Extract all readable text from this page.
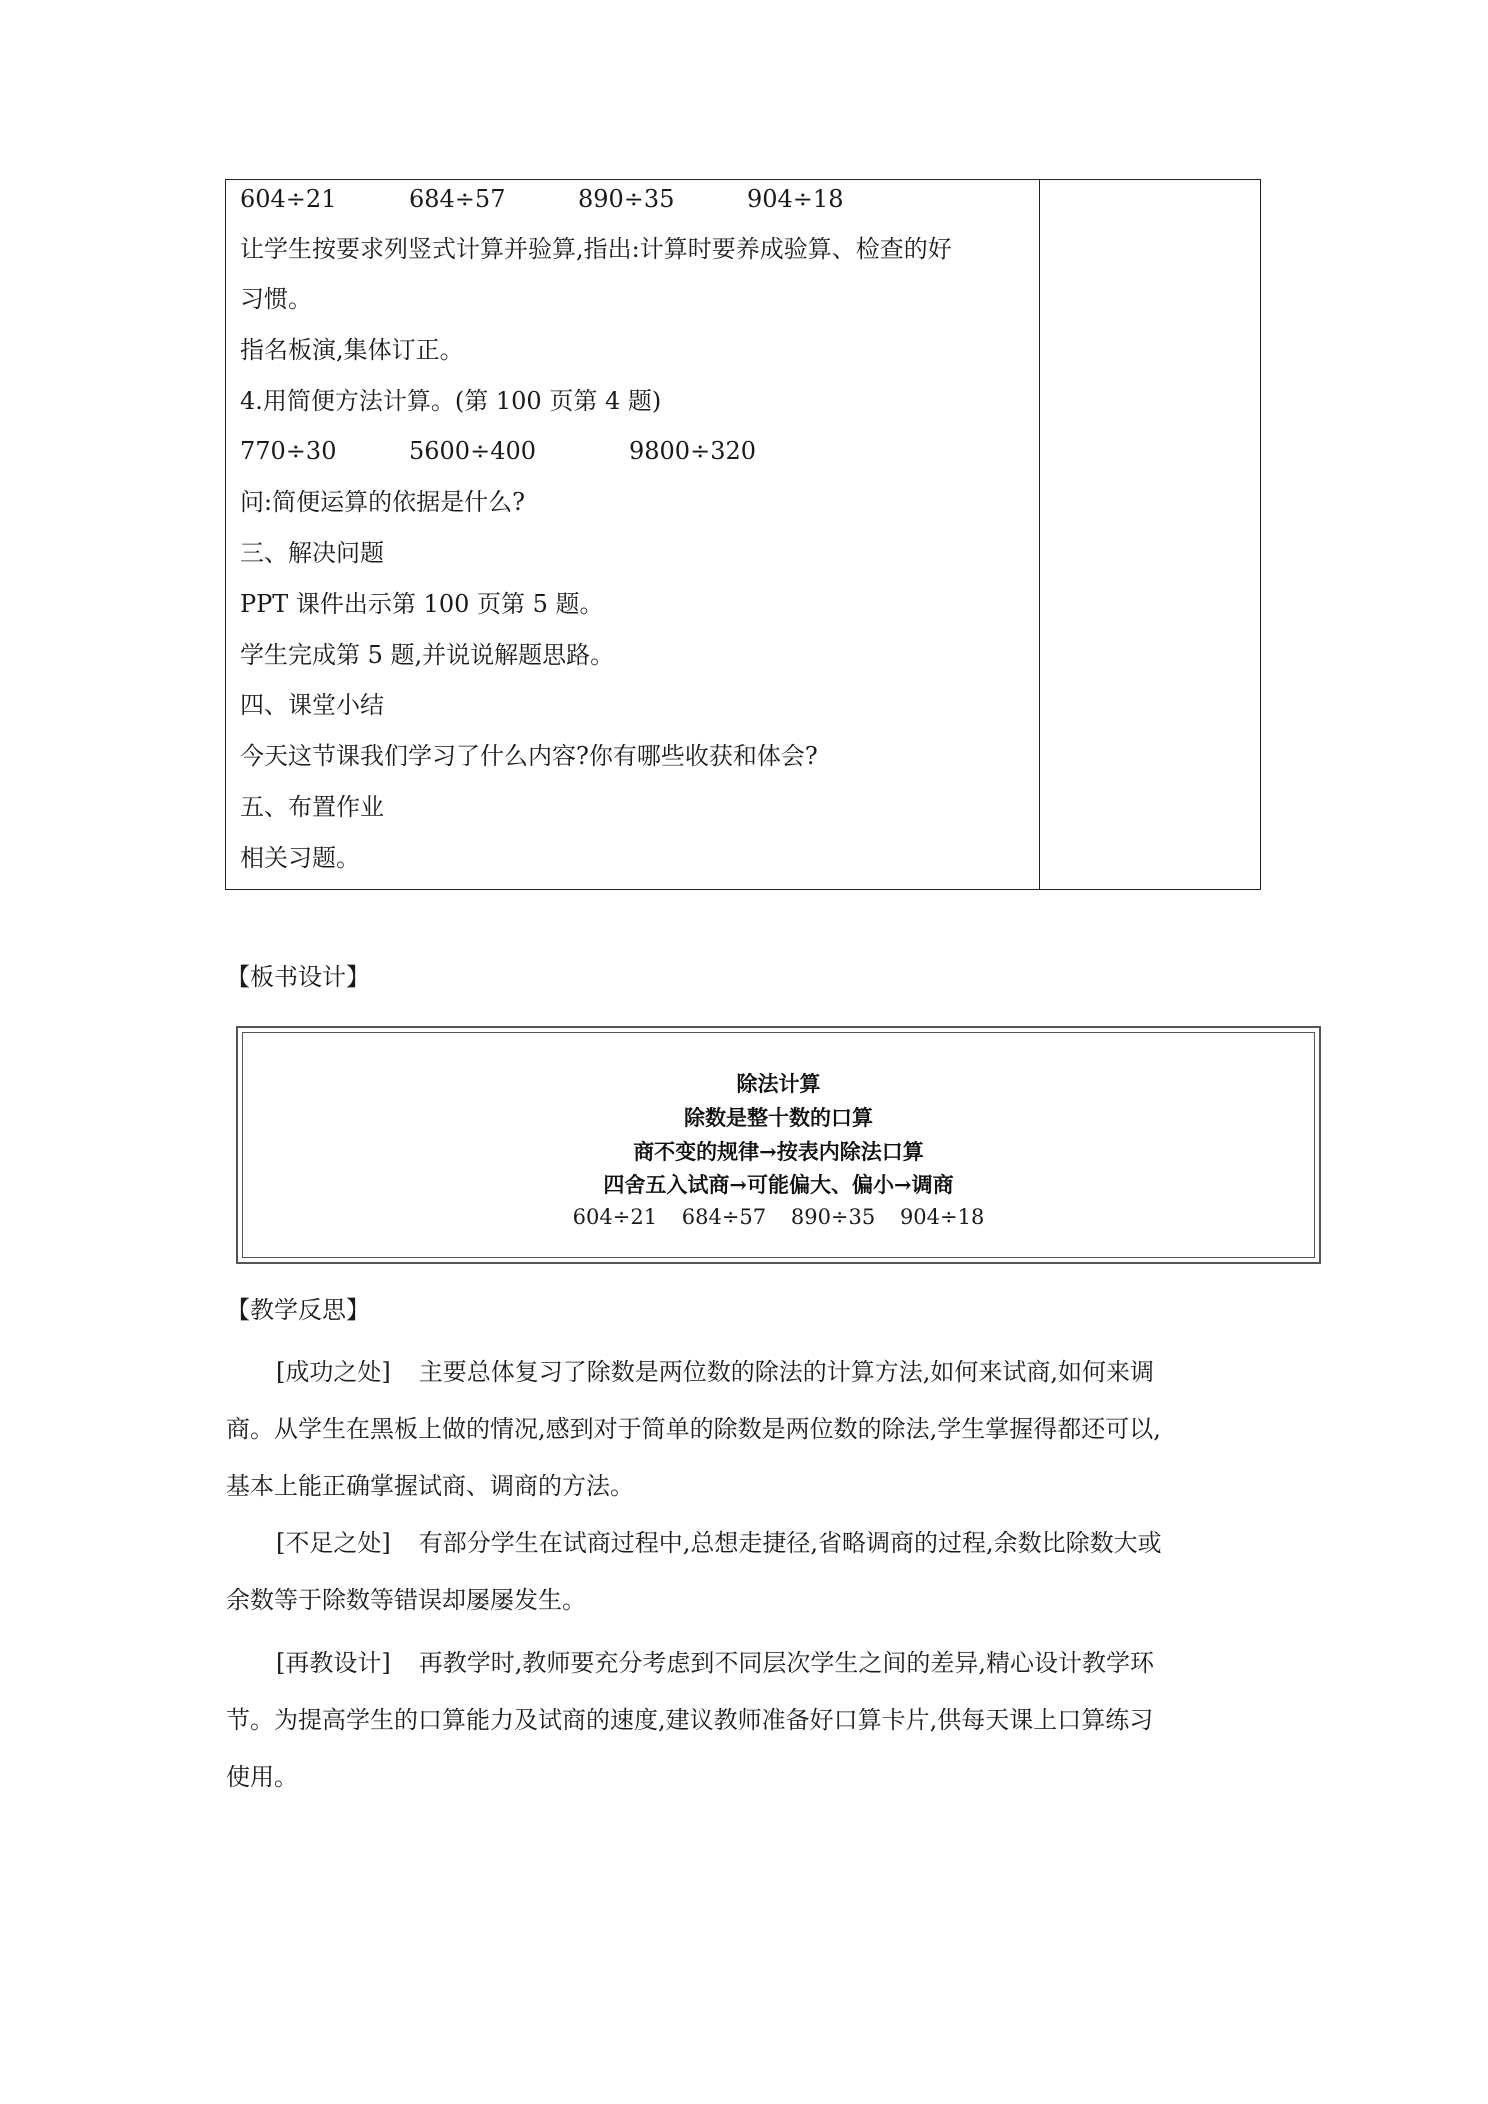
604÷21	684÷57	890÷35	904÷18
让学生按要求列竖式计算并验算,指出:计算时要养成验算、检查的好
习惯。
指名板演,集体订正。
4.用简便方法计算。(第 100 页第 4 题)
770÷30	5600÷400	9800÷320
问:简便运算的依据是什么?
三、解决问题
PPT 课件出示第 100 页第 5 题。
学生完成第 5 题,并说说解题思路。
四、课堂小结
今天这节课我们学习了什么内容?你有哪些收获和体会?
五、布置作业
相关习题。
【板书设计】
除法计算
除数是整十数的口算
商不变的规律→按表内除法口算
四舍五入试商→可能偏大、偏小→调商
604÷21 684÷57 890÷35 904÷18
【教学反思】
[成功之处] 主要总体复习了除数是两位数的除法的计算方法,如何来试商,如何来调
商。从学生在黑板上做的情况,感到对于简单的除数是两位数的除法,学生掌握得都还可以,
基本上能正确掌握试商、调商的方法。
[不足之处] 有部分学生在试商过程中,总想走捷径,省略调商的过程,余数比除数大或
余数等于除数等错误却屡屡发生。
[再教设计] 再教学时,教师要充分考虑到不同层次学生之间的差异,精心设计教学环
节。为提高学生的口算能力及试商的速度,建议教师准备好口算卡片,供每天课上口算练习
使用。
